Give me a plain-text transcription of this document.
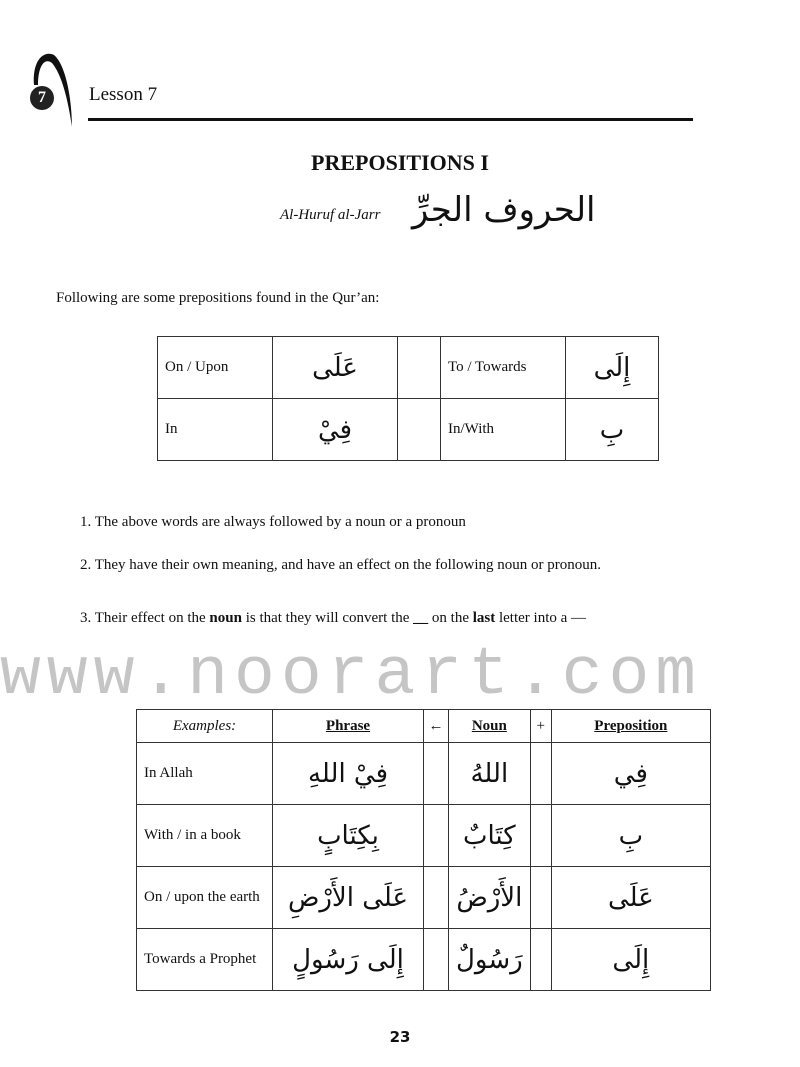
7	Lesson 7
PREPOSITIONS I
Al-Huruf al-Jarr الحروف الجرِّ
Following are some prepositions found in the Qur’an:
On / Upon	عَلَى		To / Towards	إِلَى
In	فِيْ		In/With	بِ
1. The above words are always followed by a noun or a pronoun
2. They have their own meaning, and have an effect on the following noun or pronoun.
3. Their effect on the noun is that they will convert the __ on the last letter into a —
www.noorart.com
Examples:	Phrase	←	Noun	+	Preposition
In Allah	فِيْ اللهِ		اللهُ		فِي
With / in a book	بِكِتَابٍ		كِتَابٌ		بِ
On / upon the earth	عَلَى الأَرْضِ		الأَرْضُ		عَلَى
Towards a Prophet	إِلَى رَسُولٍ		رَسُولٌ		إِلَى
23
